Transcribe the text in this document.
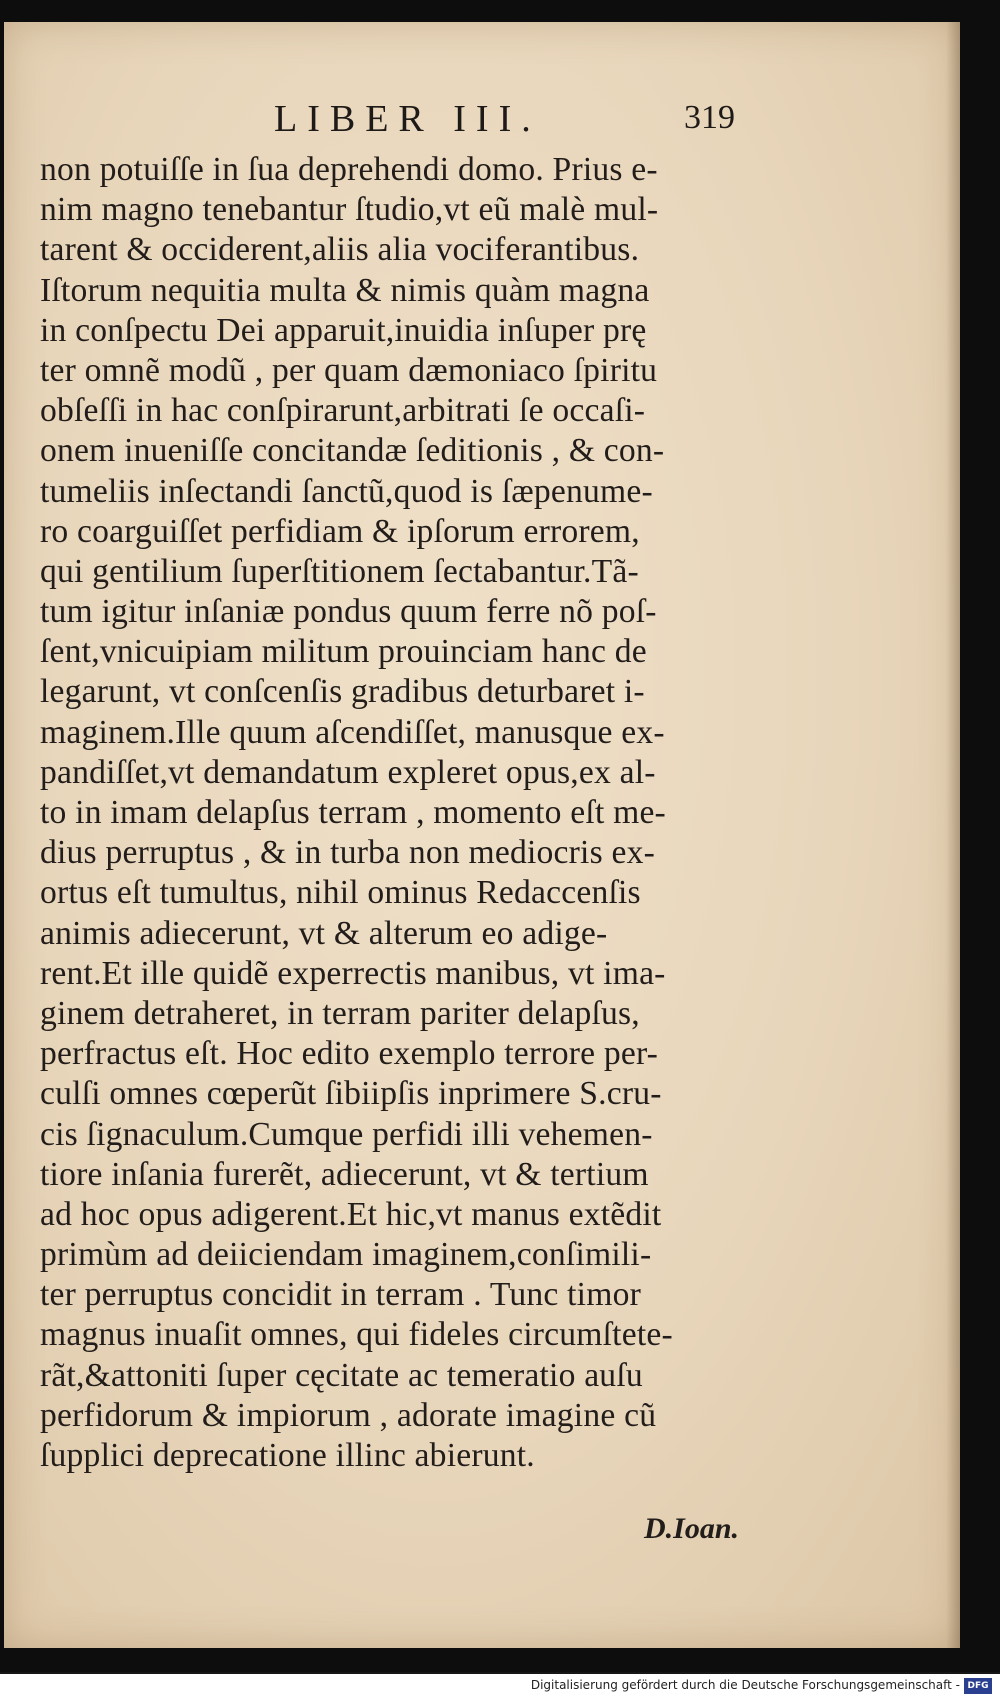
LIBER III.	319
non potuiſſe in ſua deprehendi domo. Prius e-
nim magno tenebantur ſtudio,vt eũ malè mul-
tarent & occiderent,aliis alia vociferantibus.
Iſtorum nequitia multa & nimis quàm magna
in conſpectu Dei apparuit,inuidia inſuper prę
ter omnẽ modũ , per quam dæmoniaco ſpiritu
obſeſſi in hac conſpirarunt,arbitrati ſe occaſi-
onem inueniſſe concitandæ ſeditionis , & con-
tumeliis inſectandi ſanctũ,quod is ſæpenume-
ro coarguiſſet perfidiam & ipſorum errorem,
qui gentilium ſuperſtitionem ſectabantur.Tã-
tum igitur inſaniæ pondus quum ferre nõ poſ-
ſent,vnicuipiam militum prouinciam hanc de
legarunt, vt conſcenſis gradibus deturbaret i-
maginem.Ille quum aſcendiſſet, manusque ex-
pandiſſet,vt demandatum expleret opus,ex al-
to in imam delapſus terram , momento eſt me-
dius perruptus , & in turba non mediocris ex-
ortus eſt tumultus, nihil ominus Redaccenſis
animis adiecerunt, vt & alterum eo adige-
rent.Et ille quidẽ experrectis manibus, vt ima-
ginem detraheret, in terram pariter delapſus,
perfractus eſt. Hoc edito exemplo terrore per-
culſi omnes cœperũt ſibiipſis inprimere S.cru-
cis ſignaculum.Cumque perfidi illi vehemen-
tiore inſania furerẽt, adiecerunt, vt & tertium
ad hoc opus adigerent.Et hic,vt manus extẽdit
primùm ad deiiciendam imaginem,conſimili-
ter perruptus concidit in terram . Tunc timor
magnus inuaſit omnes, qui fideles circumſtete-
rãt,&attoniti ſuper cęcitate ac temeratio auſu
perfidorum & impiorum , adorate imagine cũ
ſupplici deprecatione illinc abierunt.
D.Ioan.
Digitalisierung gefördert durch die Deutsche Forschungsgemeinschaft - DFG
